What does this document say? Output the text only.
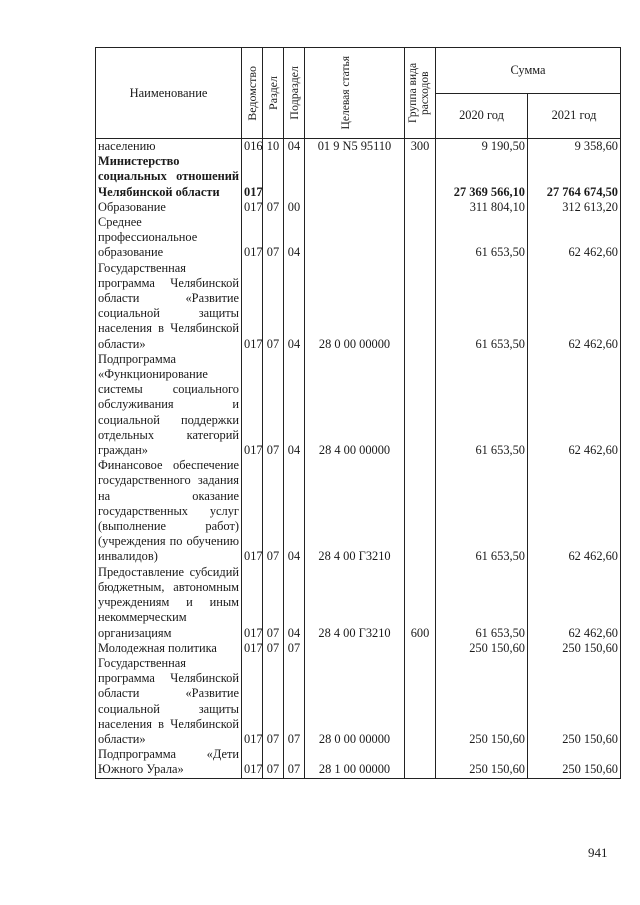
Наименование	Ведомство	Раздел	Подраздел	Целевая статья	Группа вида расходов	Сумма	
						2020 год	2021 год
населению	016	10	04	01 9 N5 95110	300	9 190,50	9 358,60
Министерство социальных отношений Челябинской области	017					27 369 566,10	27 764 674,50
Образование	017	07	00			311 804,10	312 613,20
Среднее профессиональное образование	017	07	04			61 653,50	62 462,60
Государственная программа Челябинской области «Развитие социальной защиты населения в Челябинской области»	017	07	04	28 0 00 00000		61 653,50	62 462,60
Подпрограмма «Функционирование системы социального обслуживания и социальной поддержки отдельных категорий граждан»	017	07	04	28 4 00 00000		61 653,50	62 462,60
Финансовое обеспечение государственного задания на оказание государственных услуг (выполнение работ) (учреждения по обучению инвалидов)	017	07	04	28 4 00 Г3210		61 653,50	62 462,60
Предоставление субсидий бюджетным, автономным учреждениям и иным некоммерческим организациям	017	07	04	28 4 00 Г3210	600	61 653,50	62 462,60
Молодежная политика	017	07	07			250 150,60	250 150,60
Государственная программа Челябинской области «Развитие социальной защиты населения в Челябинской области»	017	07	07	28 0 00 00000		250 150,60	250 150,60
Подпрограмма «Дети Южного Урала»	017	07	07	28 1 00 00000		250 150,60	250 150,60
941
